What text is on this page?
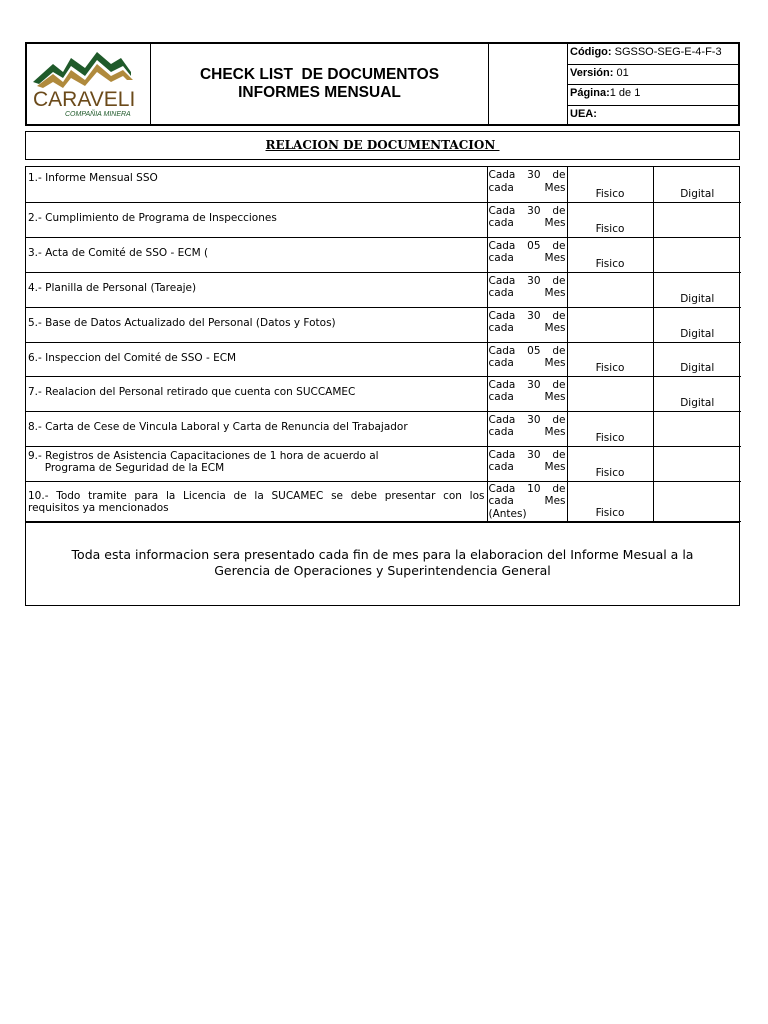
CARAVELI
COMPAÑIA MINERA
CHECK LIST  DE DOCUMENTOS
INFORMES MENSUAL
Código: SGSSO-SEG-E-4-F-3
Versión: 01
Página:1 de 1
UEA:
RELACION DE DOCUMENTACION
1.- Informe Mensual SSO	Cada 30 de
cada Mes	Fisico	Digital
2.- Cumplimiento de Programa de Inspecciones	Cada 30 de
cada Mes	Fisico	
3.- Acta de Comité de SSO - ECM (	Cada 05 de
cada Mes	Fisico	
4.- Planilla de Personal (Tareaje)	Cada 30 de
cada Mes		Digital
5.- Base de Datos Actualizado del Personal (Datos y Fotos)	Cada 30 de
cada Mes		Digital
6.- Inspeccion del Comité de SSO - ECM	Cada 05 de
cada Mes	Fisico	Digital
7.- Realacion del Personal retirado que cuenta con SUCCAMEC	Cada 30 de
cada Mes		Digital
8.- Carta de Cese de Vincula Laboral y Carta de Renuncia del Trabajador	Cada 30 de
cada Mes	Fisico	

9.- Registros de Asistencia Capacitaciones de 1 hora de acuerdo al
Programa de Seguridad de la ECM	Cada 30 de
cada Mes	Fisico	

10.- Todo tramite para la Licencia de la SUCAMEC se debe presentar con los
requisitos ya mencionados	Cada 10 de
cada Mes
(Antes)	Fisico	
Toda esta informacion sera presentado cada fin de mes para la elaboracion del Informe Mesual a la
Gerencia de Operaciones y Superintendencia General
